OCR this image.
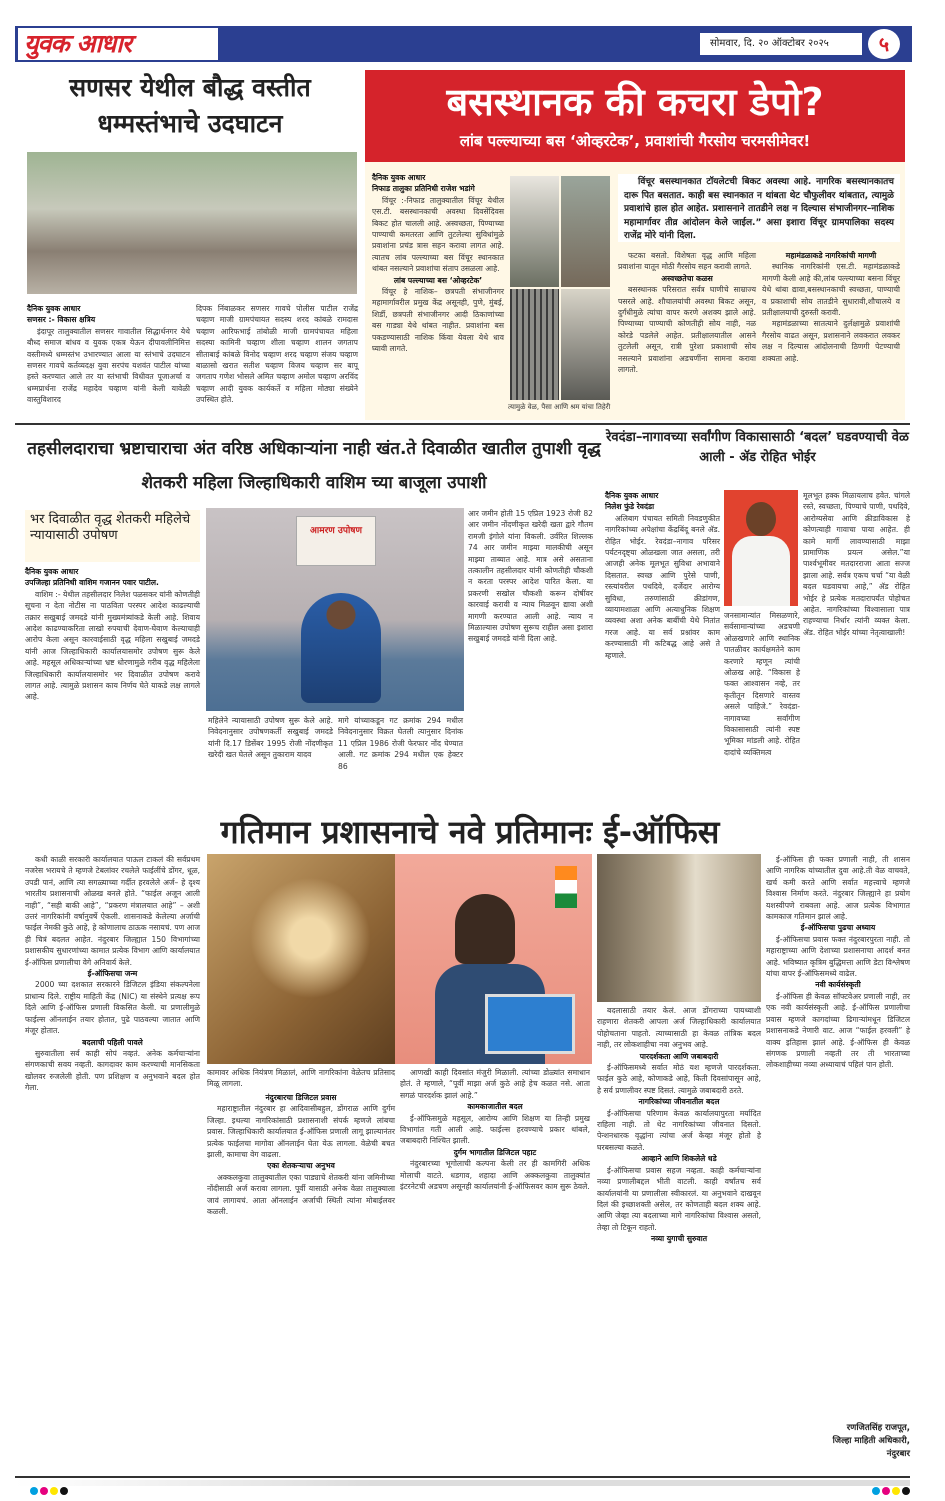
युवक आधार	सोमवार, दि. २० ऑक्टोबर २०२५	५
सणसर येथील बौद्ध वस्तीत धम्मस्तंभाचे उदघाटन
दैनिक युवक आधार
सणसर :- विकास क्षत्रिय

इंदापूर तालुक्यातील सणसर गावातील सिद्धार्थनगर येथे बौध्द समाज बांधव व युवक एकत्र येऊन दीपावलीनिमित्त वस्तीमध्ये धम्मस्तंभ उभारण्यात आला या स्तंभाचे उदघाटन सणसर गावचे कर्तव्यदक्ष युवा सरपंच यशवंत पाटील यांच्या हस्ते करण्यात आले तर या स्तंभाची विधीवत पूजाअर्चा व धम्मप्रार्थना राजेंद्र महादेव चव्हाण यांनी केली यावेळी वास्तुविशारद

दिपक निंबाळकर सणसर गावचे पोलीस पाटील राजेंद्र चव्हाण माजी ग्रामपंचायत सदस्य शरद कांबळे रामदास चव्हाण आरिफभाई तांबोळी माजी ग्रामपंचायत महिला सदस्या कामिनी चव्हाण शीला चव्हाण शालन जगताप सीताबाई कांबळे विनोद चव्हाण शरद चव्हाण संजय चव्हाण बाळासो खरात सतीश चव्हाण विजय चव्हाण सर बापू जगताप गणेश भोसले अमित चव्हाण अमोल चव्हाण अरविंद चव्हाण आदी युवक कार्यकर्ते व महिला मोठ्या संख्येने उपस्थित होते.
बसस्थानक की कचरा डेपो?
लांब पल्ल्याच्या बस ‘ओव्हरटेक’, प्रवाशांची गैरसोय चरमसीमेवर!
दैनिक युवक आधार
निफाड तालुका प्रतिनिधी राजेश भडांगे

विंचूर :-निफाड तालुक्यातील विंचूर येथील एस.टी. बसस्थानकाची अवस्था दिवसेंदिवस बिकट होत चालली आहे. अस्वच्छता, पिण्याच्या पाण्याची कमतरता आणि तुटलेल्या सुविधांमुळे प्रवाशांना प्रचंड त्रास सहन करावा लागत आहे. त्यातच लांब पल्ल्याच्या बस विंचूर स्थानकात थांबत नसल्याने प्रवाशांचा संताप उसळला आहे.

लांब पल्ल्याच्या बस ‘ओव्हरटेक’

विंचूर हे नाशिक– छत्रपती संभाजीनगर महामार्गावरील प्रमुख केंद्र असूनही, पुणे, मुंबई, शिर्डी, छत्रपती संभाजीनगर आदी ठिकाणांच्या बस गाड्या येथे थांबत नाहीत. प्रवाशांना बस पकडण्यासाठी नाशिक किंवा येवला येथे धाव घ्यावी लागते.

त्यामुळे वेळ, पैसा आणि श्रम यांचा तिहेरी
विंचूर बसस्थानकात टॉयलेटची बिकट अवस्था आहे. नागरिक बसस्थानकातच दारू पित बसतात. काही बस स्थानकात न थांबता थेट चौफुलीवर थांबतात, त्यामुळे प्रवाशांचे हाल होत आहेत. प्रशासनाने तातडीने लक्ष न दिल्यास संभाजीनगर–नाशिक महामार्गावर तीव्र आंदोलन केले जाईल.” असा इशारा विंचूर ग्रामपालिका सदस्य राजेंद्र मोरे यांनी दिला.

फटका बसतो. विशेषतः वृद्ध आणि महिला प्रवाशांना यातून मोठी गैरसोय सहन करावी लागते.

अस्वच्छतेचा कळस

बसस्थानक परिसरात सर्वत्र घाणीचे साम्राज्य पसरले आहे. शौचालयांची अवस्था बिकट असून, दुर्गंधीमुळे त्यांचा वापर करणे अशक्य झाले आहे. पिण्याच्या पाण्याची कोणतीही सोय नाही, नळ कोरडे पडलेले आहेत. प्रतीक्षालयातील आसने तुटलेली असून, रात्री पुरेशा प्रकाशाची सोय नसल्याने प्रवाशांना अडचणींना सामना करावा लागतो.

महामंडळाकडे नागरिकांची मागणी

स्थानिक नागरिकांनी एस.टी. महामंडळाकडे मागणी केली आहे की,लांब पल्ल्याच्या बसना विंचूर येथे थांबा द्यावा,बसस्थानकाची स्वच्छता, पाण्याची व प्रकाशाची सोय तातडीने सुधारावी,शौचालये व प्रतीक्षालयाची दुरुस्ती करावी.

महामंडळाच्या सातत्याने दुर्लक्षामुळे प्रवाशांची गैरसोय वाढत असून, प्रशासनाने लवकरात लवकर लक्ष न दिल्यास आंदोलनाची ठिणगी पेटण्याची शक्यता आहे.

तहसीलदाराचा भ्रष्टाचाराचा अंत वरिष्ठ अधिकाऱ्यांना नाही खंत.ते दिवाळीत खातील तुपाशी वृद्ध शेतकरी महिला जिल्हाधिकारी वाशिम च्या बाजूला उपाशी
भर दिवाळीत वृद्ध शेतकरी महिलेचे न्यायासाठी उपोषण
दैनिक युवक आधार
उपजिल्हा प्रतिनिधी वाशिम गजानन पवार पाटील.

वाशिम :- येथील तहसीलदार निलेश पळसकर यांनी कोणतीही सूचना न देता नोटीस ना पाठविता परस्पर आदेश काढल्याची तक्रार सखुबाई जमदडे यांनी मुख्यमंत्र्यांकडे केली आहे. शिवाय आदेश काढण्याकरिता लाखो रुपयाची देवाण-घेवाण केल्याचाही आरोप केला असून कारवाईसाठी वृद्ध महिला सखुबाई जमदडे यांनी आज जिल्हाधिकारी कार्यालयासमोर उपोषण सुरू केले आहे. महसूल अधिकाऱ्यांच्या भ्रष्ट धोरणामुळे गरीब वृद्ध महिलेला जिल्हाधिकारी कार्यालयासमोर भर दिवाळीत उपोषण करावे लागत आहे. त्यामुळे प्रशासन काय निर्णय घेते याकडे लक्ष लागले आहे.

आमरण उपोषण
महिलेने न्यायासाठी उपोषण सुरू केले आहे. निवेदनानुसार उपोषणकर्ती सखुबाई जमदडे यांनी दि.17 डिसेंबर 1995 रोजी नोंदणीकृत खरेदी खत घेतले असून तुकाराम यादव
मागे यांच्याकडून गट क्रमांक 294 मधील निवेदनानुसार विक्रत घेतली त्यानुसार दिनांक 11 एप्रिल 1986 रोजी फेरफार नोंद घेण्यात आली. गट क्रमांक 294 मधील एक हेक्टर 86
आर जमीन होती 15 एप्रिल 1923 रोजी 82 आर जमीन नोंदणीकृत खरेदी खता द्वारे गौतम रामजी इंगोले यांना विकली. उर्वरित शिल्लक 74 आर जमीन माझ्या मालकीची असून माझ्या ताब्यात आहे. मात्र असे असताना तत्कालीन तहसीलदार यांनी कोणतीही चौकशी न करता परस्पर आदेश पारित केला. या प्रकरणी सखोल चौकशी करून दोषींवर कारवाई करावी व न्याय मिळवून द्यावा अशी मागणी करण्यात आली आहे. न्याय न मिळाल्यास उपोषण सुरूच राहील असा इशारा सखुबाई जमदडे यांनी दिला आहे.
रेवदंडा–नागावच्या सर्वांगीण विकासासाठी ‘बदल’ घडवण्याची वेळ आली - ॲड रोहित भोईर
दैनिक युवक आधार
निलेश फुंडे रेवदंडा

अलिबाग पंचायत समिती निवडणुकीत नागरिकांच्या अपेक्षांचा केंद्रबिंदू बनले ॲड. रोहित भोईर. रेवदंडा–नागाव परिसर पर्यटनदृष्ट्या ओळखला जात असला, तरी आजही अनेक मूलभूत सुविधा अभावाने दिसतात. स्वच्छ आणि पुरेसे पाणी, रस्त्यांवरील पथदिवे, दर्जेदार आरोग्य सुविधा, तरुणांसाठी क्रीडांगण, व्यायामशाळा आणि अत्याधुनिक शिक्षण व्यवस्था अशा अनेक बाबींची येथे नितांत गरज आहे. या सर्व प्रश्नांवर काम करण्यासाठी मी कटिबद्ध आहे असे ते म्हणाले.

जनसामान्यांत मिसळणारे, सर्वसामान्यांच्या अडचणी ओळखणारे आणि स्थानिक पातळीवर कार्यक्षमतेने काम करणारे म्हणून त्यांची ओळख आहे. “विकास हे फक्त आश्वासन नव्हे, तर कृतीतून दिसणारे वास्तव असले पाहिजे.” रेवदंडा-नागावच्या सर्वांगीण विकासासाठी त्यांनी स्पष्ट भूमिका मांडली आहे. रोहित दादांचे व्यक्तिमत्व
मूलभूत हक्क मिळायलाच हवेत. चांगले रस्ते, स्वच्छता, पिण्याचे पाणी, पथदिवे, आरोग्यसेवा आणि क्रीडाविकास हे कोणत्याही गावाचा पाया आहेत. ही कामे मार्गी लावण्यासाठी माझा प्रामाणिक प्रयत्न असेल.”या पार्श्वभूमीवर मतदारराजा आता सज्ज झाला आहे. सर्वत्र एकच चर्चा “या वेळी बदल घडवायचा आहे,” ॲड रोहित भोईर हे प्रत्येक मतदारापर्यंत पोहोचत आहेत. नागरिकांच्या विश्वासाला पात्र राहण्याचा निर्धार त्यांनी व्यक्त केला. ॲड. रोहित भोईर यांच्या नेतृत्वाखाली!
गतिमान प्रशासनाचे नवे प्रतिमानः ई-ऑफिस

कधी काळी सरकारी कार्यालयात पाऊल टाकलं की सर्वप्रथम नजरेस भरायचे ते म्हणजे टेबलांवर रचलेले फाईलींचे डोंगर, धूळ, उपडी पानं, आणि त्या सगळ्याच्या गर्दीत हरवलेले अर्ज– हे दृश्य भारतीय प्रशासनाची ओळख बनले होते. “फाईल अजून आली नाही”, “सही बाकी आहे”, “प्रकरण मंत्रालयात आहे” – अशी उत्तरं नागरिकांनी वर्षानुवर्षे ऐकली. शासनाकडे केलेल्या अर्जाची फाईल नेमकी कुठे आहे, हे कोणालाच ठाऊक नसायचं. पण आज ही चित्रं बदलत आहेत. नंदुरबार जिल्ह्यात 150 विभागांच्या प्रशासकीय सुधारणांच्या कामात प्रत्येक विभाग आणि कार्यालयात ई-ऑफिस प्रणालीचा वेगे अनिवार्य केले.

ई-ऑफिसचा जन्म

2000 च्या दशकात सरकारने डिजिटल इंडिया संकल्पनेला प्राधान्य दिले. राष्ट्रीय माहिती केंद्र (NIC) या संस्थेने प्रत्यक्ष रूप दिले आणि ई-ऑफिस प्रणाली विकसित केली. या प्रणालीमुळे फाईल्स ऑनलाईन तयार होतात, पुढे पाठवल्या जातात आणि मंजूर होतात.

बदलाची पहिली पावले

सुरुवातीला सर्व काही सोपं नव्हतं. अनेक कर्मचाऱ्यांना संगणकाची सवय नव्हती. कागदावर काम करण्याची मानसिकता खोलवर रुजलेली होती. पण प्रशिक्षण व अनुभवाने बदल होत गेला.

कामावर अधिक नियंत्रण मिळालं, आणि नागरिकांना वेळेतच प्रतिसाद मिळू लागला.
नंदुरबारचा डिजिटल प्रवास

महाराष्ट्रातील नंदुरबार हा आदिवासीबहुल, डोंगराळ आणि दुर्गम जिल्हा. इथल्या नागरिकांसाठी प्रशासनाशी संपर्क म्हणजे लांबचा प्रवास. जिल्हाधिकारी कार्यालयात ई-ऑफिस प्रणाली लागू झाल्यानंतर प्रत्येक फाईलचा मागोवा ऑनलाईन घेता येऊ लागला. वेळेची बचत झाली, कामाचा वेग वाढला.

एका शेतकऱ्याचा अनुभव

अक्कलकुवा तालुक्यातील एका पाड्याचे शेतकरी यांना जमिनीच्या नोंदीसाठी अर्ज करावा लागला. पूर्वी यासाठी अनेक वेळा तालुक्याला जावं लागायचं. आता ऑनलाईन अर्जाची स्थिती त्यांना मोबाईलवर कळली.

आणखी काही दिवसांत मंजुरी मिळाली. त्यांच्या डोळ्यांत समाधान होतं. ते म्हणाले, “पूर्वी माझा अर्ज कुठे आहे हेच कळत नसे. आता सगळं पारदर्शक झालं आहे.”

कामकाजातील बदल

ई-ऑफिसमुळे महसूल, आरोग्य आणि शिक्षण या तिन्ही प्रमुख विभागांत गती आली आहे. फाईल्स हरवण्याचे प्रकार थांबले, जबाबदारी निश्चित झाली.

दुर्गम भागातील डिजिटल पहाट

नंदुरबारच्या भूगोलाची कल्पना केली तर ही कामगिरी अधिक मोलाची वाटते. धडगाव, शहादा आणि अक्कलकुवा तालुक्यांत इंटरनेटची अडचण असूनही कार्यालयांनी ई-ऑफिसवर काम सुरू ठेवले.

बदलासाठी तयार केलं. आज डोंगराच्या पायथ्याशी राहणारा शेतकरी आपला अर्ज जिल्हाधिकारी कार्यालयात पोहोचताना पाहतो. त्याच्यासाठी हा केवळ तांत्रिक बदल नाही, तर लोकशाहीचा नवा अनुभव आहे.

पारदर्शकता आणि जबाबदारी

ई-ऑफिसमध्ये सर्वात मोठं यश म्हणजे पारदर्शकता. फाईल कुठे आहे, कोणाकडे आहे, किती दिवसांपासून आहे, हे सर्व प्रणालीवर स्पष्ट दिसतं. त्यामुळे जबाबदारी ठरते.

नागरिकांच्या जीवनातील बदल

ई-ऑफिसचा परिणाम केवळ कार्यालयापुरता मर्यादित राहिला नाही. तो थेट नागरिकांच्या जीवनात दिसतो. पेन्शनधारक वृद्धांना त्यांचा अर्ज केव्हा मंजूर होतो हे घरबसल्या कळते.

आव्हाने आणि शिकलेले धडे

ई-ऑफिसचा प्रवास सहज नव्हता. काही कर्मचाऱ्यांना नव्या प्रणालीबद्दल भीती वाटली. काही वर्षांतच सर्व कार्यालयांनी या प्रणालीला स्वीकारलं. या अनुभवाने दाखवून दिलं की इच्छाशक्ती असेल, तर कोणताही बदल शक्य आहे. आणि जेव्हा त्या बदलाच्या मागे नागरिकांचा विश्वास असतो, तेव्हा तो टिकून राहतो.

नव्या युगाची सुरुवात

ई-ऑफिस ही फक्त प्रणाली नाही, ती शासन आणि नागरिक यांच्यातील दुवा आहे.ती वेळ वाचवते, खर्च कमी करते आणि सर्वात महत्त्वाचे म्हणजे विश्वास निर्माण करते. नंदुरबार जिल्ह्याने हा प्रयोग यशस्वीपणे राबवला आहे. आज प्रत्येक विभागात कामकाज गतिमान झालं आहे.

ई-ऑफिसचा पुढचा अध्याय

ई-ऑफिसचा प्रवास फक्त नंदुरबारपुरता नाही. तो महाराष्ट्राच्या आणि देशाच्या प्रशासनाचा आदर्श बनत आहे. भविष्यात कृत्रिम बुद्धिमत्ता आणि डेटा विश्लेषण यांचा वापर ई-ऑफिसमध्ये वाढेल.

नवी कार्यसंस्कृती

ई-ऑफिस ही केवळ सॉफ्टवेअर प्रणाली नाही, तर एक नवी कार्यसंस्कृती आहे. ई-ऑफिस प्रणालीचा प्रवास म्हणजे कागदांच्या ढिगाऱ्यांमधून डिजिटल प्रशासनाकडे नेणारी वाट. आज “फाईल हरवली” हे वाक्य इतिहास झालं आहे. ई-ऑफिस ही केवळ संगणक प्रणाली नव्हती तर ती भारताच्या लोकशाहीच्या नव्या अध्यायाचं पहिलं पान होती.

रणजितसिंह राजपूत,
जिल्हा माहिती अधिकारी,
नंदुरबार
